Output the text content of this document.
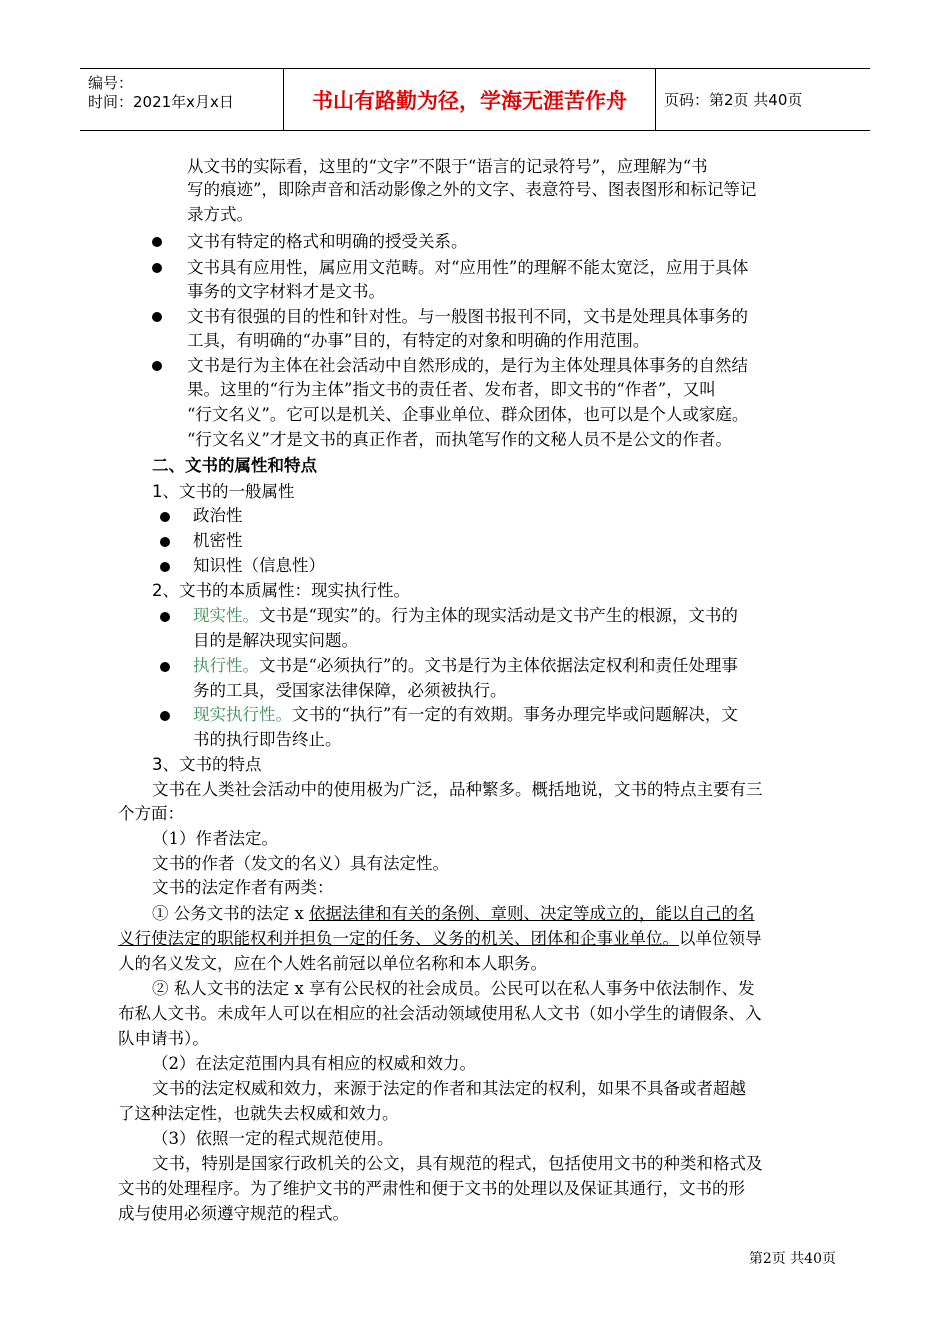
编号：
时间：2021年x月x日	书山有路勤为径，学海无涯苦作舟	页码：第2页 共40页
从文书的实际看，这里的“文字”不限于“语言的记录符号”，应理解为“书
写的痕迹”，即除声音和活动影像之外的文字、表意符号、图表图形和标记等记
录方式。
文书有特定的格式和明确的授受关系。
文书具有应用性，属应用文范畴。对“应用性”的理解不能太宽泛，应用于具体
事务的文字材料才是文书。
文书有很强的目的性和针对性。与一般图书报刊不同，文书是处理具体事务的
工具，有明确的“办事”目的，有特定的对象和明确的作用范围。
文书是行为主体在社会活动中自然形成的，是行为主体处理具体事务的自然结
果。这里的“行为主体”指文书的责任者、发布者，即文书的“作者”，又叫
“行文名义”。它可以是机关、企事业单位、群众团体，也可以是个人或家庭。
“行文名义”才是文书的真正作者，而执笔写作的文秘人员不是公文的作者。
二、文书的属性和特点
1、文书的一般属性
政治性
机密性
知识性（信息性）
2、文书的本质属性：现实执行性。
现实性。文书是“现实”的。行为主体的现实活动是文书产生的根源，文书的
目的是解决现实问题。
执行性。文书是“必须执行”的。文书是行为主体依据法定权利和责任处理事
务的工具，受国家法律保障，必须被执行。
现实执行性。文书的“执行”有一定的有效期。事务办理完毕或问题解决，文
书的执行即告终止。
3、文书的特点
文书在人类社会活动中的使用极为广泛，品种繁多。概括地说，文书的特点主要有三
个方面：
（1）作者法定。
文书的作者（发文的名义）具有法定性。
文书的法定作者有两类：
① 公务文书的法定 x 依据法律和有关的条例、章则、决定等成立的，能以自己的名
义行使法定的职能权利并担负一定的任务、义务的机关、团体和企事业单位。以单位领导
人的名义发文，应在个人姓名前冠以单位名称和本人职务。
② 私人文书的法定 x 享有公民权的社会成员。公民可以在私人事务中依法制作、发
布私人文书。未成年人可以在相应的社会活动领域使用私人文书（如小学生的请假条、入
队申请书）。
（2）在法定范围内具有相应的权威和效力。
文书的法定权威和效力，来源于法定的作者和其法定的权利，如果不具备或者超越
了这种法定性，也就失去权威和效力。
（3）依照一定的程式规范使用。
文书，特别是国家行政机关的公文，具有规范的程式，包括使用文书的种类和格式及
文书的处理程序。为了维护文书的严肃性和便于文书的处理以及保证其通行，文书的形
成与使用必须遵守规范的程式。
第2页 共40页
